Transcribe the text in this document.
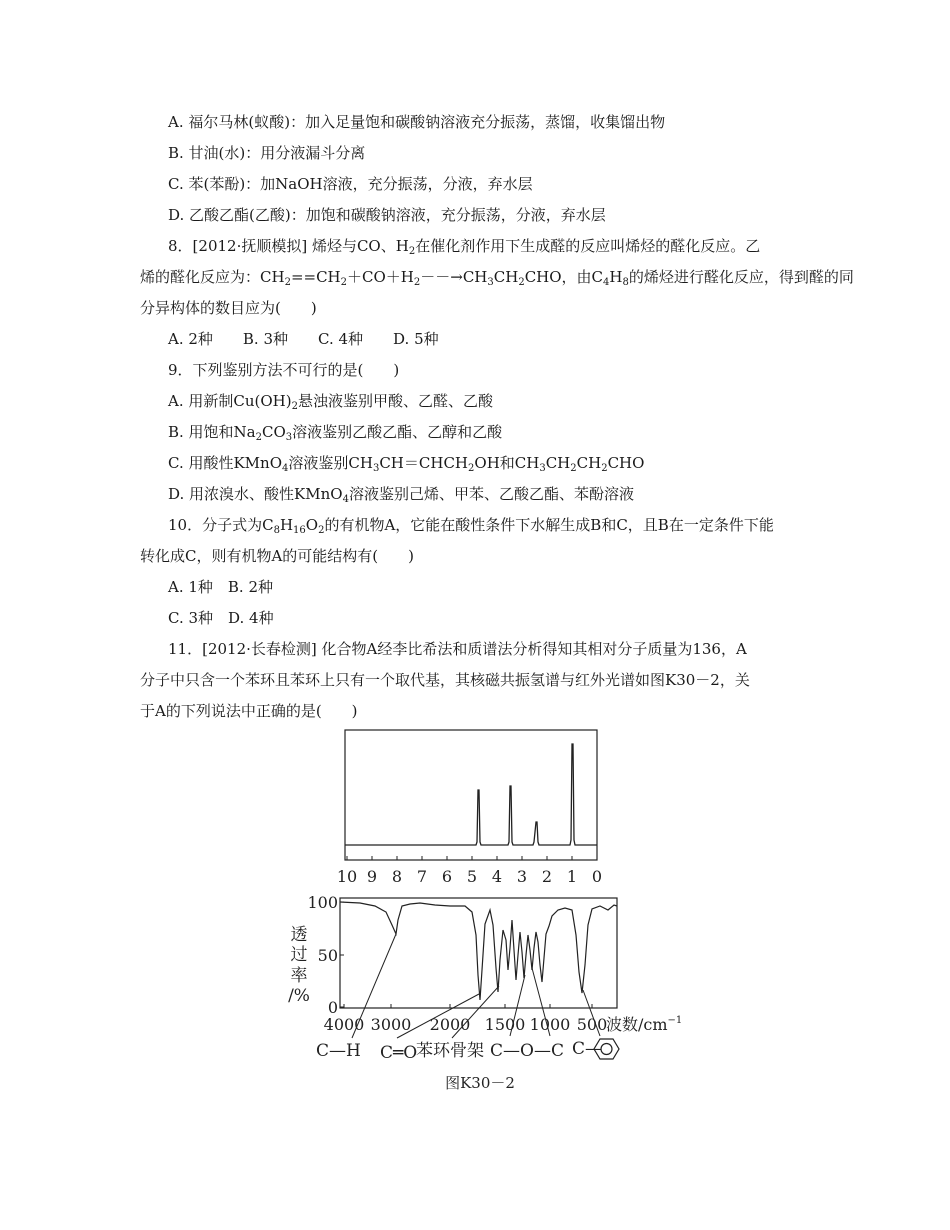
A. 福尔马林(蚁酸)：加入足量饱和碳酸钠溶液充分振荡，蒸馏，收集馏出物
B. 甘油(水)：用分液漏斗分离
C. 苯(苯酚)：加NaOH溶液，充分振荡，分液，弃水层
D. 乙酸乙酯(乙酸)：加饱和碳酸钠溶液，充分振荡，分液，弃水层
8．[2012·抚顺模拟] 烯烃与CO、$H_2$在催化剂作用下生成醛的反应叫烯烃的醛化反应。乙
烯的醛化反应为：$CH_2==CH_2+CO+H_2--\to CH_3CH_2CHO$，由$C_4H_8$的烯烃进行醛化反应，得到醛的同
分异构体的数目应为(　　)
A. 2种　　B. 3种　　C. 4种　　D. 5种
9．下列鉴别方法不可行的是(　　)
A. 用新制$Cu(OH)_2$悬浊液鉴别甲酸、乙醛、乙酸
B. 用饱和$Na_2CO_3$溶液鉴别乙酸乙酯、乙醇和乙酸
C. 用酸性KMnO$_4$溶液鉴别$CH_3CH=CHCH_2OH$和$CH_3CH_2CH_2CHO$
D. 用浓溴水、酸性KMnO$_4$溶液鉴别己烯、甲苯、乙酸乙酯、苯酚溶液
10．分子式为$C_8H_{16}O_2$的有机物A，它能在酸性条件下水解生成B和C，且B在一定条件下能
转化成C，则有机物A的可能结构有(　　)
A. 1种　B. 2种
C. 3种　D. 4种
11．[2012·长春检测] 化合物A经李比希法和质谱法分析得知其相对分子质量为136，A
分子中只含一个苯环且苯环上只有一个取代基，其核磁共振氢谱与红外光谱如图K30－2，关
于A的下列说法中正确的是(　　)
10 9 8 7 6 5 4 3 2 1 0
100
50
0
透
过
率
/%
4000 3000 2000 1500 1000 500
波数$/cm^{-1}$
C—H C═O
苯环骨架 C—O—C C—
图K30－2
